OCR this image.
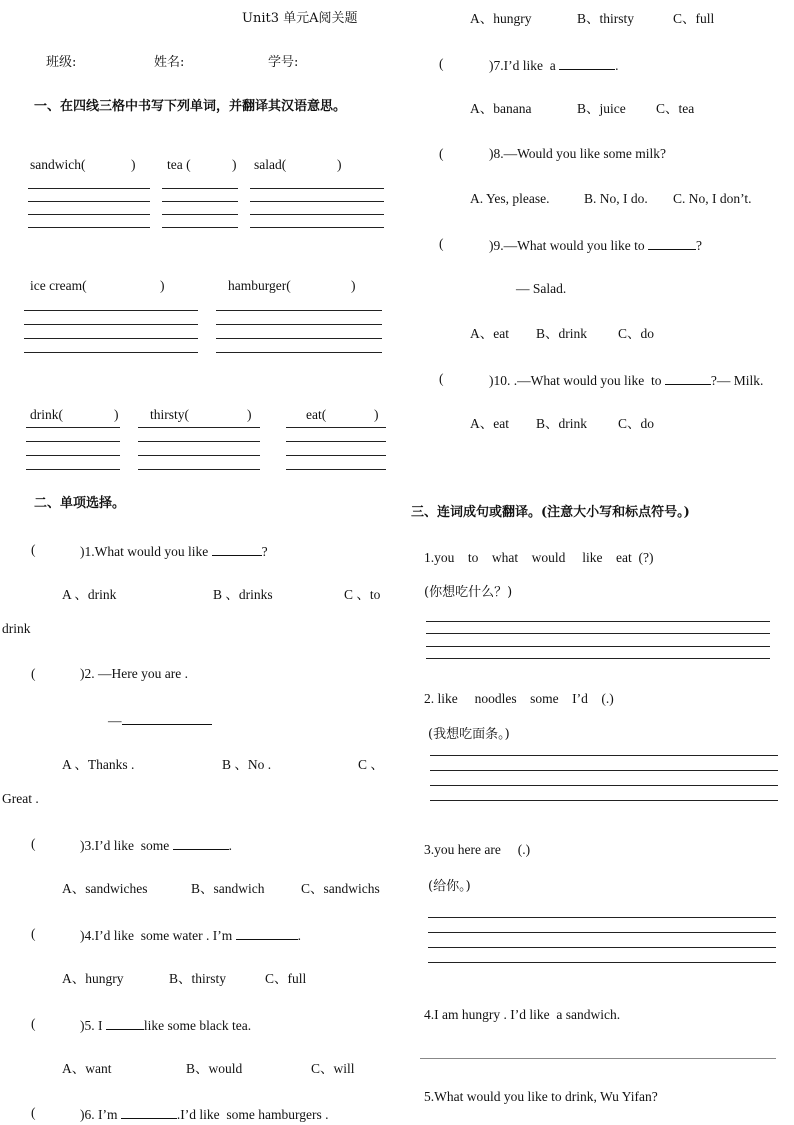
Unit3 单元A阅关题
班级:	姓名:	学号:
一、在四线三格中书写下列单词，并翻译其汉语意思。
sandwich(	) tea (	) salad(	)
ice cream(	)	hamburger(	)
drink(	) thirsty(	)	eat(	)
二、单项选择。
(	)1.What would you like	?
A 、drink	B 、drinks	C 、to
drink
(	)2. —Here you are .
—
A 、Thanks .	B 、No .	C 、
Great .
(	)3.I’d like  some	.
A、sandwiches	B、sandwich	C、sandwichs
(	)4.I’d like  some water . I’m	.
A、hungry	B、thirsty	C、full
(	)5. I	like some black tea.
A、want	B、would	C、will
(	)6. I’m	.I’d like  some hamburgers .
A、hungry	B、thirsty	C、full
(	)7.I’d like  a	.
A、banana	B、juice C、tea
(	)8.—Would you like some milk?
A. Yes, please.	B. No, I do. C. No, I don’t.
(	)9.—What would you like to	?
— Salad.
A、eat B、drink C、do
(	)10. .—What would you like  to	?— Milk.
A、eat B、drink C、do
三、连词成句或翻译。(注意大小写和标点符号。)
1.you    to    what    would     like    eat  (?)
(你想吃什么？)
2. like     noodles    some    I’d    (.)
(我想吃面条。)
3.you here are     (.)
(给你。)
4.I am hungry . I’d like  a sandwich.
5.What would you like to drink, Wu Yifan?
